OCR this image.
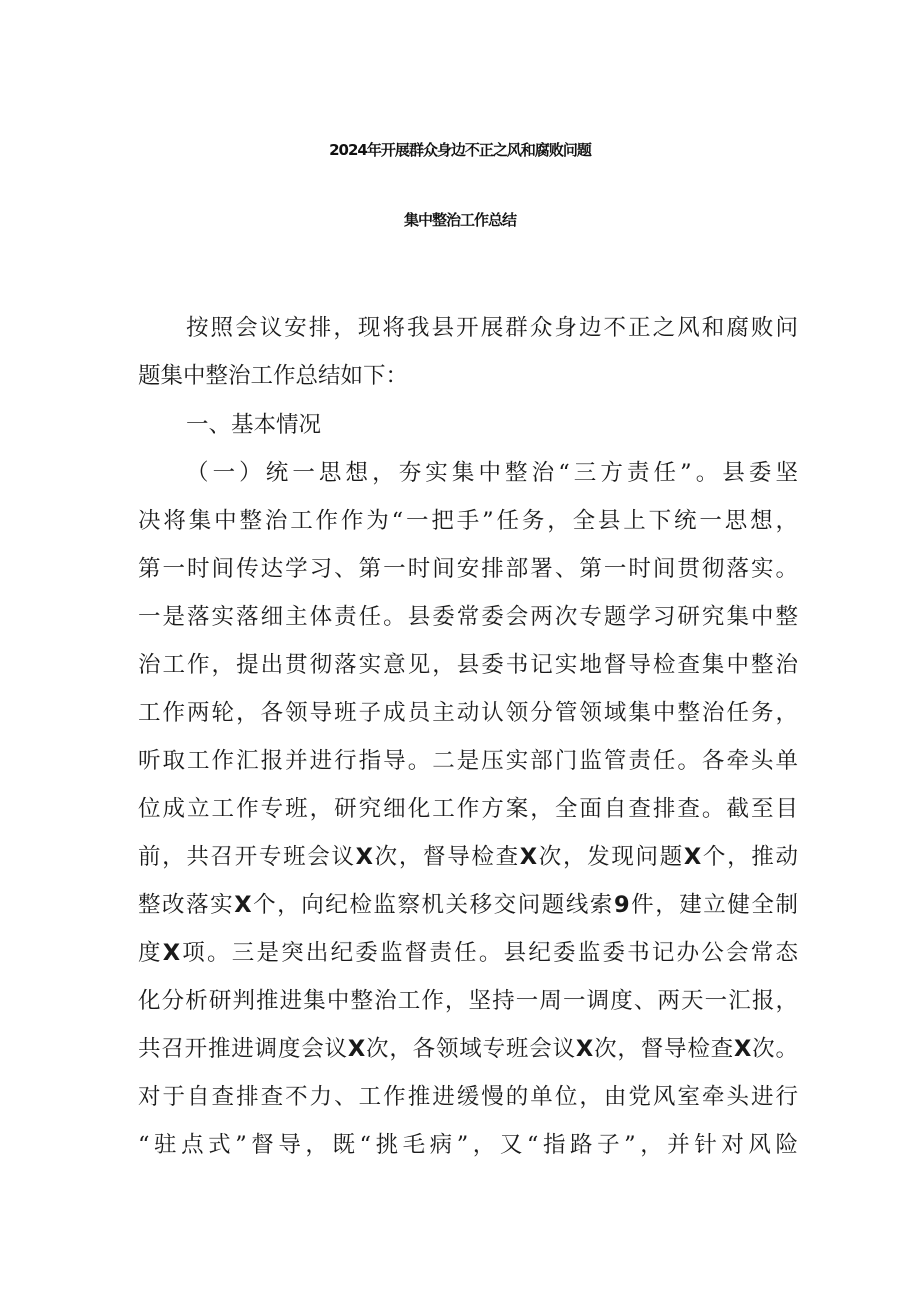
2024年开展群众身边不正之风和腐败问题
集中整治工作总结

按照会议安排，现将我县开展群众身边不正之风和腐败问

题集中整治工作总结如下：

一、基本情况

（一）统一思想，夯实集中整治“三方责任”。县委坚

决将集中整治工作作为“一把手”任务，全县上下统一思想，

第一时间传达学习、第一时间安排部署、第一时间贯彻落实。

一是落实落细主体责任。县委常委会两次专题学习研究集中整

治工作，提出贯彻落实意见，县委书记实地督导检查集中整治

工作两轮，各领导班子成员主动认领分管领域集中整治任务，

听取工作汇报并进行指导。二是压实部门监管责任。各牵头单

位成立工作专班，研究细化工作方案，全面自查排查。截至目

前，共召开专班会议X次，督导检查X次，发现问题X个，推动

整改落实X个，向纪检监察机关移交问题线索9件，建立健全制

度X项。三是突出纪委监督责任。县纪委监委书记办公会常态

化分析研判推进集中整治工作，坚持一周一调度、两天一汇报，

共召开推进调度会议X次，各领域专班会议X次，督导检查X次。

对于自查排查不力、工作推进缓慢的单位，由党风室牵头进行

“驻点式”督导，既“挑毛病”，又“指路子”，并针对风险
